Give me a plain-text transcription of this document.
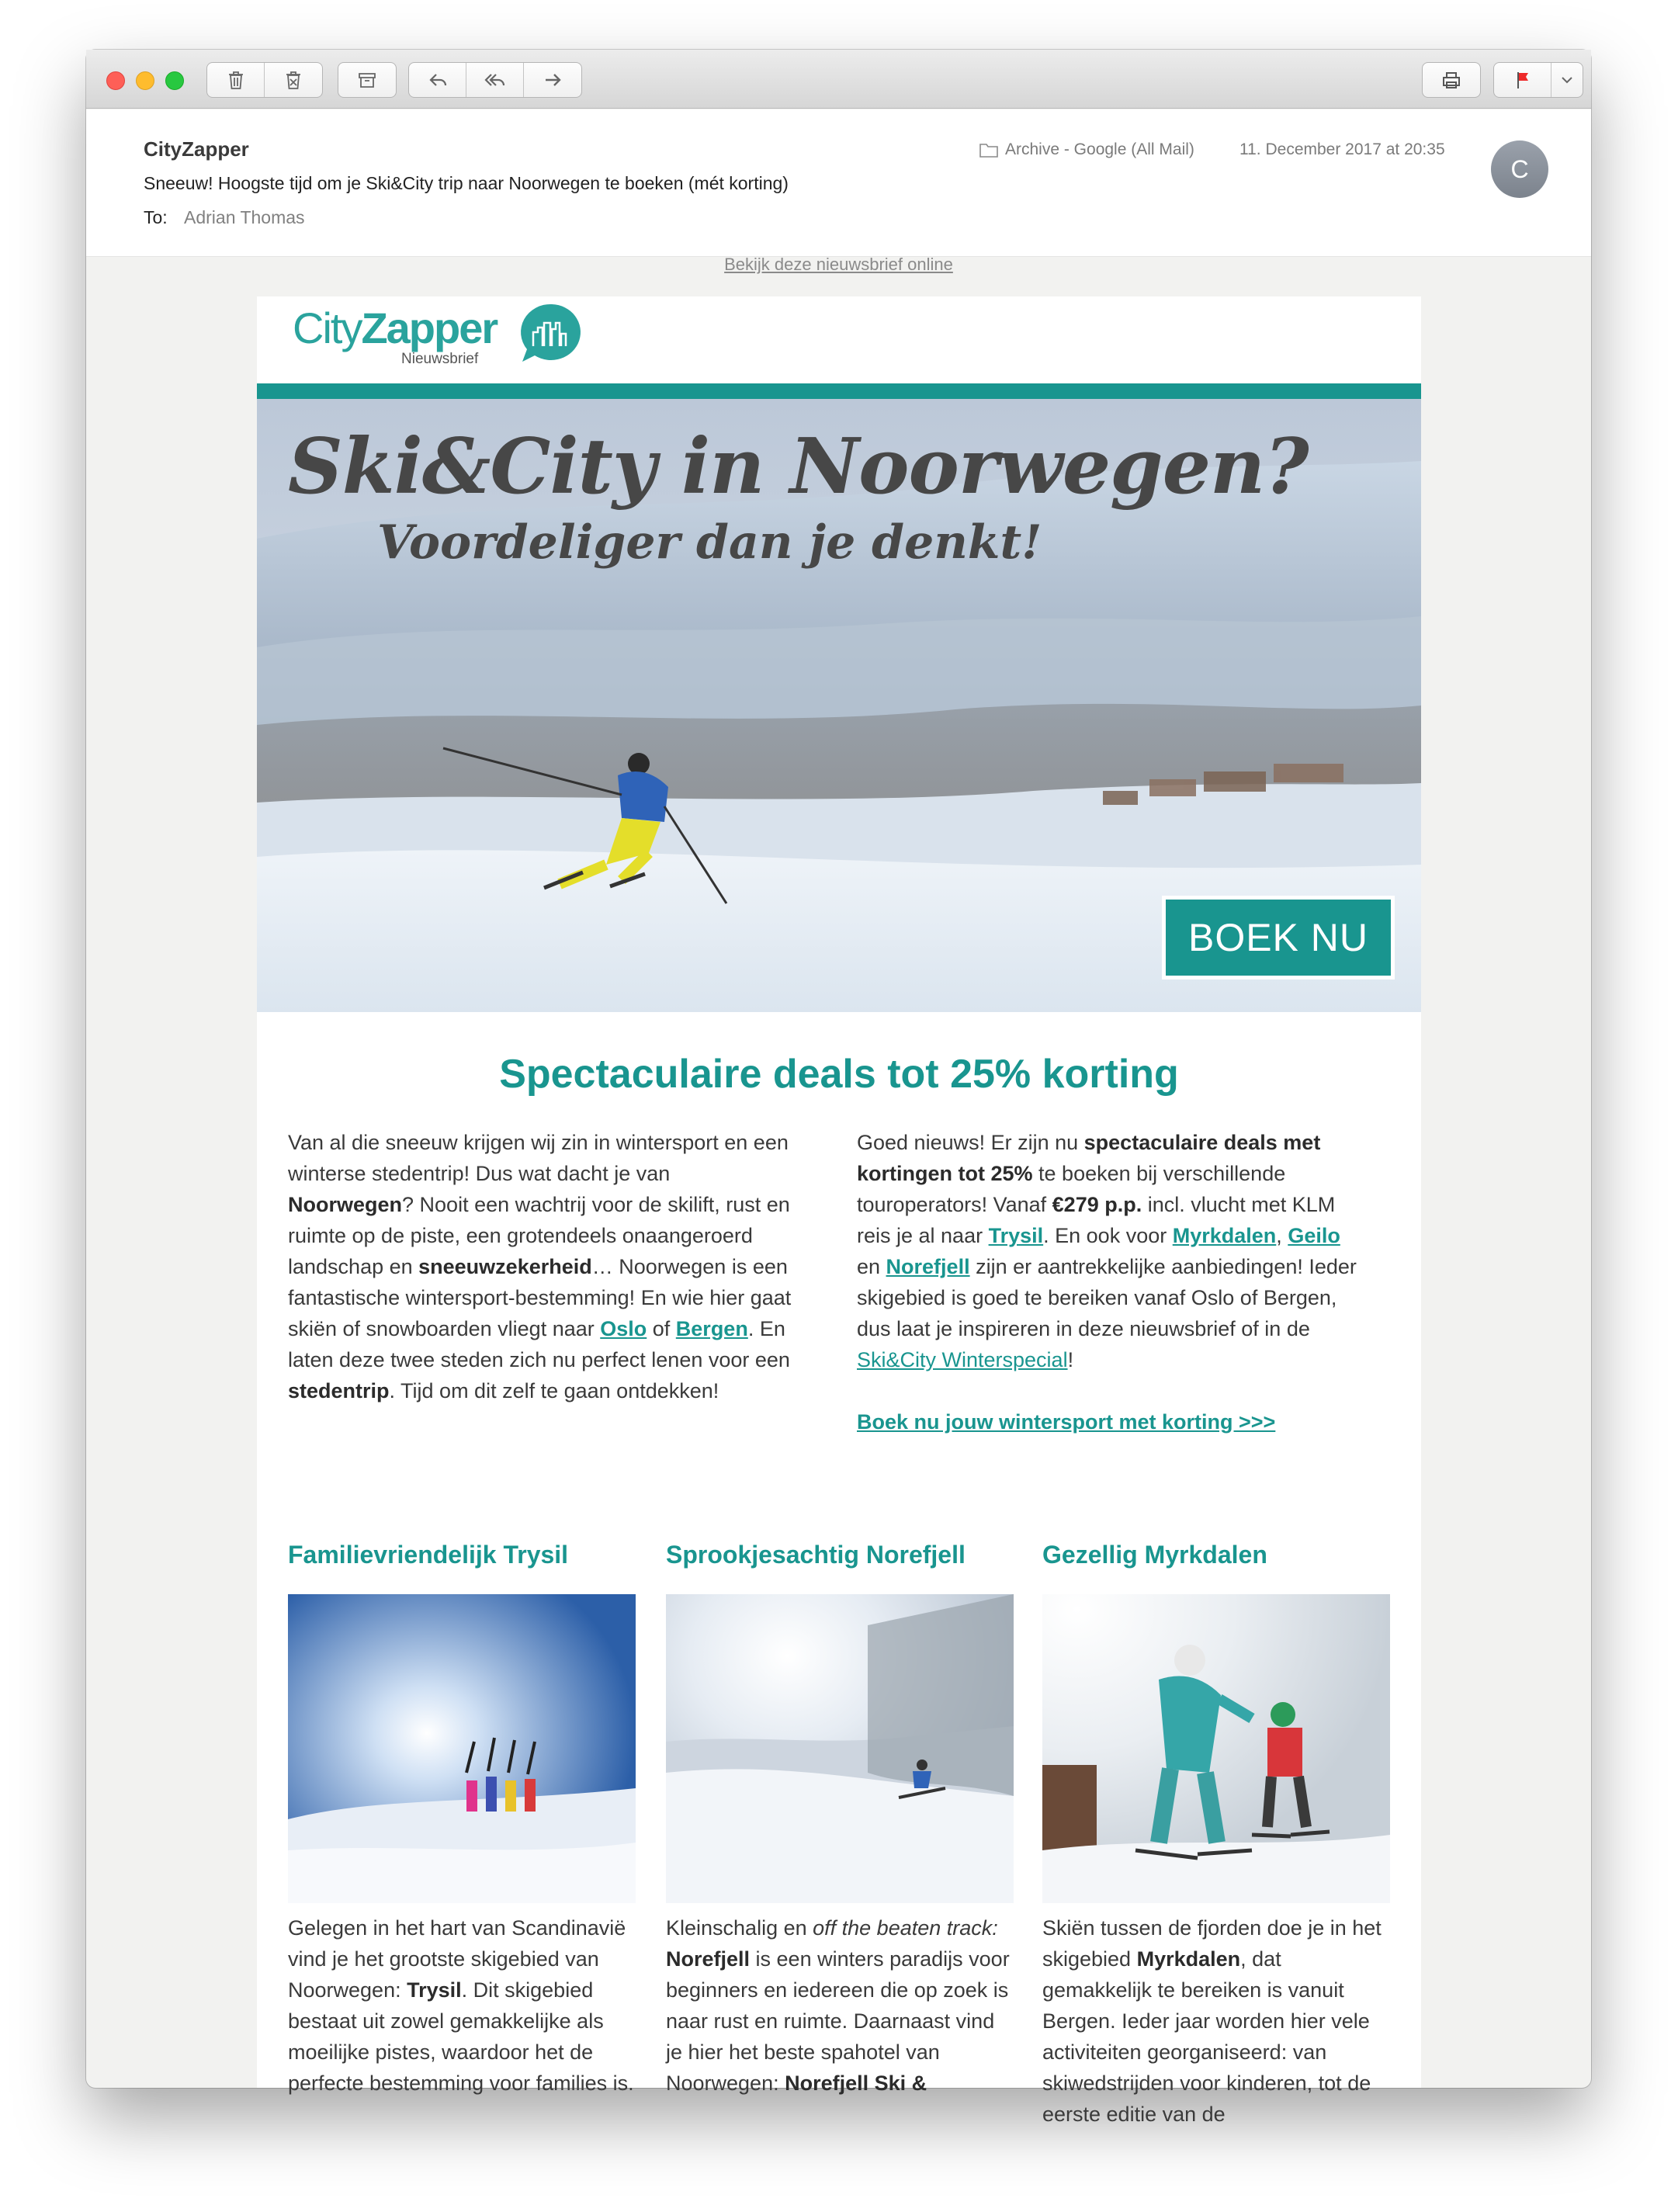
CityZapper
Sneeuw! Hoogste tijd om je Ski&City trip naar Noorwegen te boeken (mét korting)
To: Adrian Thomas
Archive - Google (All Mail)	11. December 2017 at 20:35
C
Bekijk deze nieuwsbrief online
CityZapper
Nieuwsbrief
Ski&City in Noorwegen?
Voordeliger dan je denkt!
BOEK NU
Spectaculaire deals tot 25% korting
Van al die sneeuw krijgen wij zin in wintersport en een winterse stedentrip! Dus wat dacht je van Noorwegen? Nooit een wachtrij voor de skilift, rust en ruimte op de piste, een grotendeels onaangeroerd landschap en sneeuwzekerheid… Noorwegen is een fantastische wintersport-bestemming! En wie hier gaat skiën of snowboarden vliegt naar Oslo of Bergen. En laten deze twee steden zich nu perfect lenen voor een stedentrip. Tijd om dit zelf te gaan ontdekken!
Goed nieuws! Er zijn nu spectaculaire deals met kortingen tot 25% te boeken bij verschillende touroperators! Vanaf €279 p.p. incl. vlucht met KLM reis je al naar Trysil. En ook voor Myrkdalen, Geilo en Norefjell zijn er aantrekkelijke aanbiedingen! Ieder skigebied is goed te bereiken vanaf Oslo of Bergen, dus laat je inspireren in deze nieuwsbrief of in de Ski&City Winterspecial!
Boek nu jouw wintersport met korting >>>
Familievriendelijk Trysil
Gelegen in het hart van Scandinavië vind je het grootste skigebied van Noorwegen: Trysil. Dit skigebied bestaat uit zowel gemakkelijke als moeilijke pistes, waardoor het de perfecte bestemming voor families is.
Sprookjesachtig Norefjell
Kleinschalig en off the beaten track: Norefjell is een winters paradijs voor beginners en iedereen die op zoek is naar rust en ruimte. Daarnaast vind je hier het beste spahotel van Noorwegen: Norefjell Ski &
Gezellig Myrkdalen
Skiën tussen de fjorden doe je in het skigebied Myrkdalen, dat gemakkelijk te bereiken is vanuit Bergen. Ieder jaar worden hier vele activiteiten georganiseerd: van skiwedstrijden voor kinderen, tot de eerste editie van de
